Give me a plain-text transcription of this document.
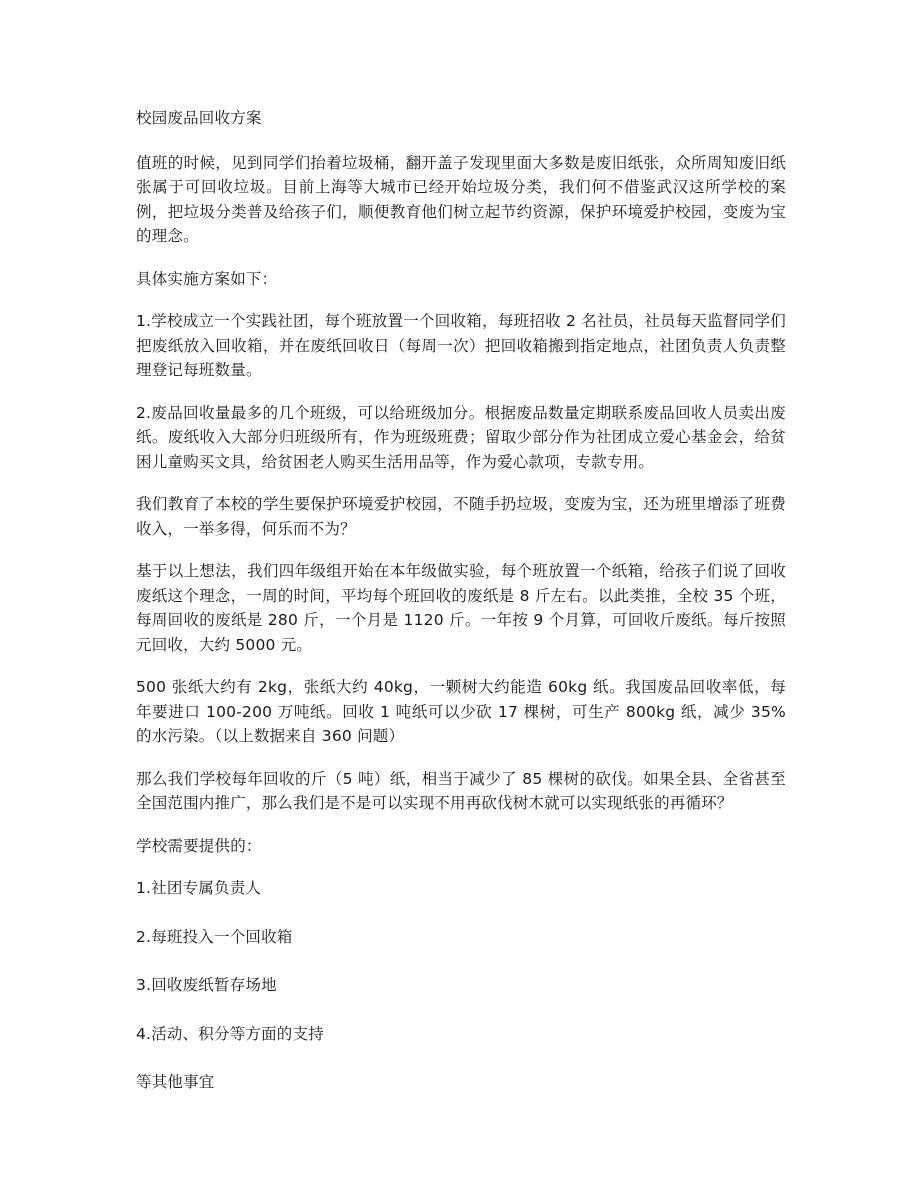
校园废品回收方案

值班的时候，见到同学们抬着垃圾桶，翻开盖子发现里面大多数是废旧纸张，众所周知废旧纸张属于可回收垃圾。目前上海等大城市已经开始垃圾分类，我们何不借鉴武汉这所学校的案例，把垃圾分类普及给孩子们，顺便教育他们树立起节约资源，保护环境爱护校园，变废为宝的理念。

具体实施方案如下：

1.学校成立一个实践社团，每个班放置一个回收箱，每班招收 2 名社员，社员每天监督同学们把废纸放入回收箱，并在废纸回收日（每周一次）把回收箱搬到指定地点，社团负责人负责整理登记每班数量。

2.废品回收量最多的几个班级，可以给班级加分。根据废品数量定期联系废品回收人员卖出废纸。废纸收入大部分归班级所有，作为班级班费；留取少部分作为社团成立爱心基金会，给贫困儿童购买文具，给贫困老人购买生活用品等，作为爱心款项，专款专用。

我们教育了本校的学生要保护环境爱护校园，不随手扔垃圾，变废为宝，还为班里增添了班费收入，一举多得，何乐而不为？

基于以上想法，我们四年级组开始在本年级做实验，每个班放置一个纸箱，给孩子们说了回收废纸这个理念，一周的时间，平均每个班回收的废纸是 8 斤左右。以此类推，全校 35 个班，每周回收的废纸是 280 斤，一个月是 1120 斤。一年按 9 个月算，可回收斤废纸。每斤按照元回收，大约 5000 元。

500 张纸大约有 2kg，张纸大约 40kg，一颗树大约能造 60kg 纸。我国废品回收率低，每年要进口 100-200 万吨纸。回收 1 吨纸可以少砍 17 棵树，可生产 800kg 纸，减少 35% 的水污染。（以上数据来自 360 问题）

那么我们学校每年回收的斤（5 吨）纸，相当于减少了 85 棵树的砍伐。如果全县、全省甚至全国范围内推广，那么我们是不是可以实现不用再砍伐树木就可以实现纸张的再循环？

学校需要提供的：

1.社团专属负责人

2.每班投入一个回收箱

3.回收废纸暂存场地

4.活动、积分等方面的支持

等其他事宜
